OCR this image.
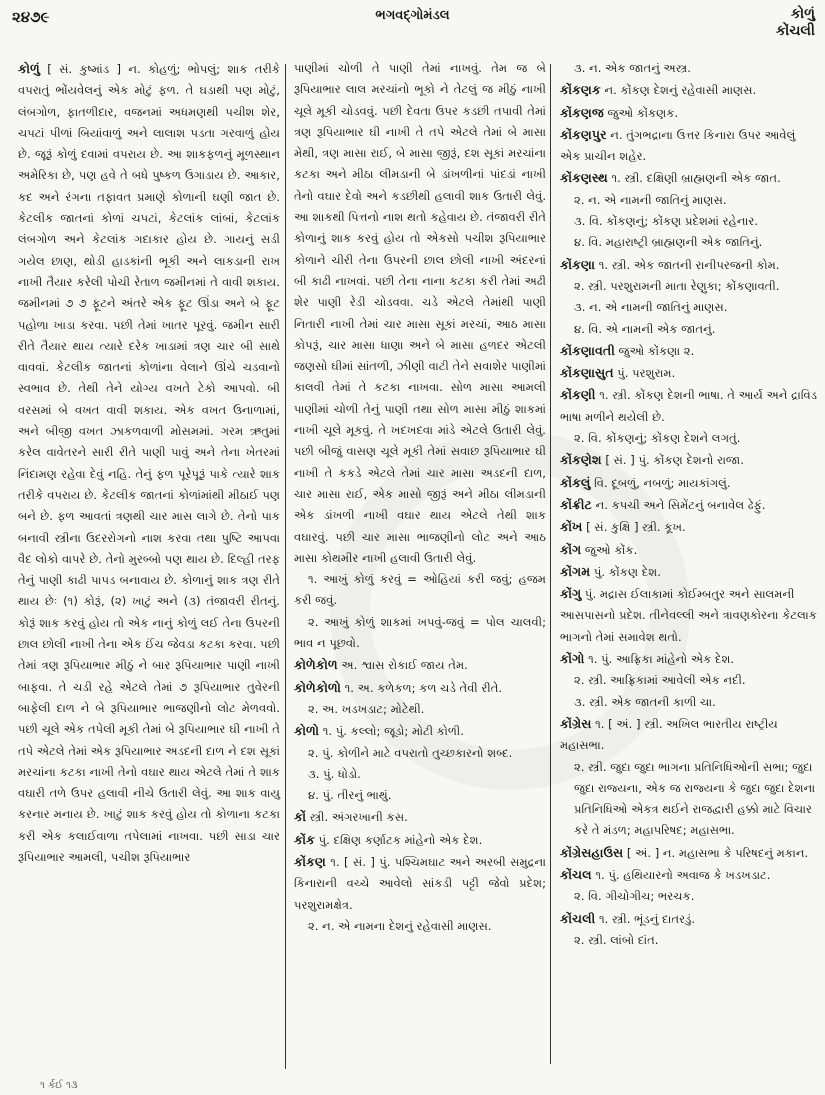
૨૪૭૯	ભગવદ્ગોમંડલ	કોળું
કોંચલી
કોળું [ સં. કુષ્માંડ ] ન. કોહળું; ભોપલું; શાક તરીકે વપરાતું ભોંયવેલનું એક મોટું ફળ. તે ઘડાથી પણ મોટું, લંબગોળ, ફાતળીદાર, વજનમાં અધમણથી પચીશ શેર, ચપટાં પીળાં બિયાંવાળું અને લાલાશ પડતા ગરવાળું હોય છે. જૂરૂં કોળું દવામાં વપરાય છે. આ શાકફળનું મૂળસ્થાન અમેરિકા છે, પણ હવે તે બધે પુષ્કળ ઉગાડાય છે. આકાર, કદ અને રંગના તફાવત પ્રમાણે કોળાની ઘણી જાત છે. કેટલીક જાતનાં કોળાં ચપટાં, કેટલાંક લાંબાં, કેટલાંક લંબગોળ અને કેટલાંક ગદાકાર હોય છે. ગાયનું સડી ગયેલ છાણ, થોડી હાડકાંની ભૂકી અને લાકડાની રાખ નાખી તૈયાર કરેલી પોચી રેતાળ જમીનમાં તે વાવી શકાય. જમીનમાં ૭ ૭ ફૂટને અંતરે એક ફૂટ ઊંડા અને બે ફૂટ પહોળા ખાડા કરવા. પછી તેમાં ખાતર પૂરવું. જમીન સારી રીતે તૈયાર થાય ત્યારે દરેક ખાડામાં ત્રણ ચાર બી સાથે વાવવાં. કેટલીક જાતનાં કોળાંના વેલાને ઊંચે ચડવાનો સ્વભાવ છે. તેથી તેને યોગ્ય વખતે ટેકો આપવો. બી વરસમાં બે વખત વાવી શકાય. એક વખત ઉનાળામાં, અને બીજી વખત ઝાકળવાળી મોસમમાં. ગરમ ઋતુમાં કરેલ વાવેતરને સારી રીતે પાણી પાવું અને તેના ખેતરમાં નિંદામણ રહેવા દેવું નહિ. તેનું ફળ પૂરેપૂરૂં પાકે ત્યારે શાક તરીકે વપરાય છે. કેટલીક જાતનાં કોળાંમાંથી મીઠાઈ પણ બને છે. ફળ આવતાં ત્રણથી ચાર માસ લાગે છે. તેનો પાક બનાવી સ્ત્રીના ઉદરરોગનો નાશ કરવા તથા પુષ્ટિ આપવા વૈદ લોકો વાપરે છે. તેનો મુરબ્બો પણ થાય છે. દિલ્હી તરફ તેનું પાણી કાઢી પાપડ બનાવાય છે. કોળાનું શાક ત્રણ રીતે થાય છેઃ (૧) કોરૂં, (૨) ખાટું અને (૩) તંજાવરી રીતનું. કોરૂં શાક કરવું હોય તો એક નાનું કોળું લઈ તેના ઉપરની છાલ છોલી નાખી તેના એક ઈંચ જેવડા કટકા કરવા. પછી તેમાં ત્રણ રૂપિયાભાર મીઠું ને બાર રૂપિયાભાર પાણી નાખી બાફવા. તે ચડી રહે એટલે તેમાં ૭ રૂપિયાભાર તુવેરની બાફેલી દાળ ને બે રૂપિયાભાર ભાજણીનો લોટ મેળવવો. પછી ચૂલે એક તપેલી મૂકી તેમાં બે રૂપિયાભાર ઘી નાખી તે તપે એટલે તેમાં એક રૂપિયાભાર અડદની દાળ ને દશ સૂકાં મરચાંના કટકા નાખી તેનો વઘાર થાય એટલે તેમાં તે શાક વઘારી તળે ઉપર હલાવી નીચે ઉતારી લેવું. આ શાક વાયુ કરનાર મનાય છે. ખાટું શાક કરવું હોય તો કોળાના કટકા કરી એક કલાઈવાળા તપેલામાં નાખવા. પછી સાડા ચાર રૂપિયાભાર આમલી, પચીશ રૂપિયાભાર
પાણીમાં ચોળી તે પાણી તેમાં નાખવું. તેમ જ બે રૂપિયાભાર લાલ મરચાંનો ભૂકો ને તેટલું જ મીઠું નાખી ચૂલે મૂકી ચોડવવું. પછી દેવતા ઉપર કડછી તપાવી તેમાં ત્રણ રૂપિયાભાર ઘી નાખી તે તપે એટલે તેમાં બે માસા મેથી, ત્રણ માસા રાઈ, બે માસા જીરૂં, દશ સૂકાં મરચાંના કટકા અને મીઠા લીમડાની બે ડાંખળીનાં પાંદડાં નાખી તેનો વઘાર દેવો અને કડછીથી હલાવી શાક ઉતારી લેવું. આ શાકથી પિત્તનો નાશ થતો કહેવાય છે. તંજાવરી રીતે કોળાનું શાક કરવું હોય તો એકસો પચીશ રૂપિયાભાર કોળાને ચીરી તેના ઉપરની છાલ છોલી નાખી અંદરનાં બી કાઢી નાખવાં. પછી તેના નાના કટકા કરી તેમાં અઢી શેર પાણી રેડી ચોડવવા. ચડે એટલે તેમાંથી પાણી નિતારી નાખી તેમાં ચાર માસા સૂકાં મરચાં, આઠ માસા કોપરૂં, ચાર માસા ધાણા અને બે માસા હળદર એટલી જણસો ઘીમાં સાંતળી, ઝીણી વાટી તેને સવાશેર પાણીમાં કાલવી તેમાં તે કટકા નાખવા. સોળ માસા આમલી પાણીમાં ચોળી તેનું પાણી તથા સોળ માસા મીઠું શાકમાં નાખી ચૂલે મૂકવું. તે ખદખદવા માંડે એટલે ઉતારી લેવું. પછી બીજું વાસણ ચૂલે મૂકી તેમાં સવાછ રૂપિયાભાર ઘી નાખી તે કકડે એટલે તેમાં ચાર માસા અડદની દાળ, ચાર માસા રાઈ, એક માસો જીરૂં અને મીઠા લીમડાની એક ડાંખળી નાખી વઘાર થાય એટલે તેથી શાક વઘારવું. પછી ચાર માસા ભાજણીનો લોટ અને આઠ માસા કોથમીર નાખી હલાવી ઉતારી લેવું.
૧. આખું કોળું કરવું = ઓહિયાં કરી જવું; હજમ કરી જવું.
૨. આખું કોળું શાકમાં ખપવું-જવું = પોલ ચાલવી; ભાવ ન પૂછવો.
કોળેકોળ અ. શ્વાસ રોકાઈ જાય તેમ.
કોળેકોળો ૧. અ. કળેકળ; કળ ચડે તેવી રીતે.
૨. અ. ખડખડાટ; મોટેથી.
કોળો ૧. પું. કલ્લો; જૂડો; મોટી કોળી.
૨. પું. કોળીને માટે વપરાતો તુચ્છકારનો શબ્દ.
૩. પું. ધોડો.
૪. પું. તીરનું ભાથું.
કોં સ્ત્રી. અંગરખાની કસ.
કોંક પું. દક્ષિણ કર્ણાટક માંહેનો એક દેશ.
કોંકણ ૧. [ સં. ] પું. પશ્ચિમઘાટ અને અરબી સમુદ્રના કિનારાની વચ્ચે આવેલો સાંકડી પટ્ટી જેવો પ્રદેશ; પરશુરામક્ષેત્ર.
૨. ન. એ નામના દેશનું રહેવાસી માણસ.
૩. ન. એક જાતનું અસ્ત્ર.
કોંકણક ન. કોંકણ દેશનું રહેવાસી માણસ.
કોંકણજ જુઓ કોંકણક.
કોંકણપુર ન. તુંગભદ્રાના ઉત્તર કિનારા ઉપર આવેલું એક પ્રાચીન શહેર.
કોંકણસ્થ ૧. સ્ત્રી. દક્ષિણી બ્રાહ્મણની એક જાત.
૨. ન. એ નામની જાતિનું માણસ.
૩. વિ. કોંકણનું; કોંકણ પ્રદેશમાં રહેનાર.
૪. વિ. મહારાષ્ટ્રી બ્રાહ્મણની એક જાતિનું.
કોંકણા ૧. સ્ત્રી. એક જાતની રાનીપરજની કોમ.
૨. સ્ત્રી. પરશુરામની માતા રેણુકા; કોંકણાવતી.
૩. ન. એ નામની જાતિનું માણસ.
૪. વિ. એ નામની એક જાતનું.
કોંકણાવતી જુઓ કોંકણા ૨.
કોંકણાસુત પું. પરશુરામ.
કોંકણી ૧. સ્ત્રી. કોંકણ દેશની ભાષા. તે આર્ય અને દ્રાવિડ ભાષા મળીને થયેલી છે.
૨. વિ. કોંકણનું; કોંકણ દેશને લગતું.
કોંકણેશ [ સં. ] પું. કોંકણ દેશનો રાજા.
કોંકલું વિ. દૂબળું, નબળું; માયકાંગલું.
કોંક્રીટ ન. કપચી અને સિમેંટનું બનાવેલ ઢેફું.
કોંખ [ સં. કુક્ષિ ] સ્ત્રી. કૂખ.
કોંગ જુઓ કોંક.
કોંગમ પું. કોંકણ દેશ.
કોંગુ પું. મદ્રાસ ઈલાકામાં કોઈમ્બતુર અને સાલમની આસપાસનો પ્રદેશ. તીનેવલ્લી અને ત્રાવણકોરના કેટલાક ભાગનો તેમાં સમાવેશ થતો.
કોંગો ૧. પું. આફ્રિકા માંહેનો એક દેશ.
૨. સ્ત્રી. આફ્રિકામાં આવેલી એક નદી.
૩. સ્ત્રી. એક જાતની કાળી ચા.
કોંગ્રેસ ૧. [ અં. ] સ્ત્રી. અખિલ ભારતીય રાષ્ટ્રીય મહાસભા.
૨. સ્ત્રી. જુદા જુદા ભાગના પ્રતિનિધિઓની સભા; જુદા જુદા રાજ્યના, એક જ રાજ્યના કે જુદા જુદા દેશના પ્રતિનિધિઓ એકત્ર થઈને રાજદ્વારી હક્કો માટે વિચાર કરે તે મંડળ; મહાપરિષદ; મહાસભા.
કોંગ્રેસહાઉસ [ અં. ] ન. મહાસભા કે પરિષદનું મકાન.
કોંચલ ૧. પું. હથિયારનો અવાજ કે ખડખડાટ.
૨. વિ. ગીચોગીચ; ભરચક.
કોંચલી ૧. સ્ત્રી. ભૂંડનું દાતરડું.
૨. સ્ત્રી. લાંબો દાંત.
૧ ર્કઈ ૧૩
